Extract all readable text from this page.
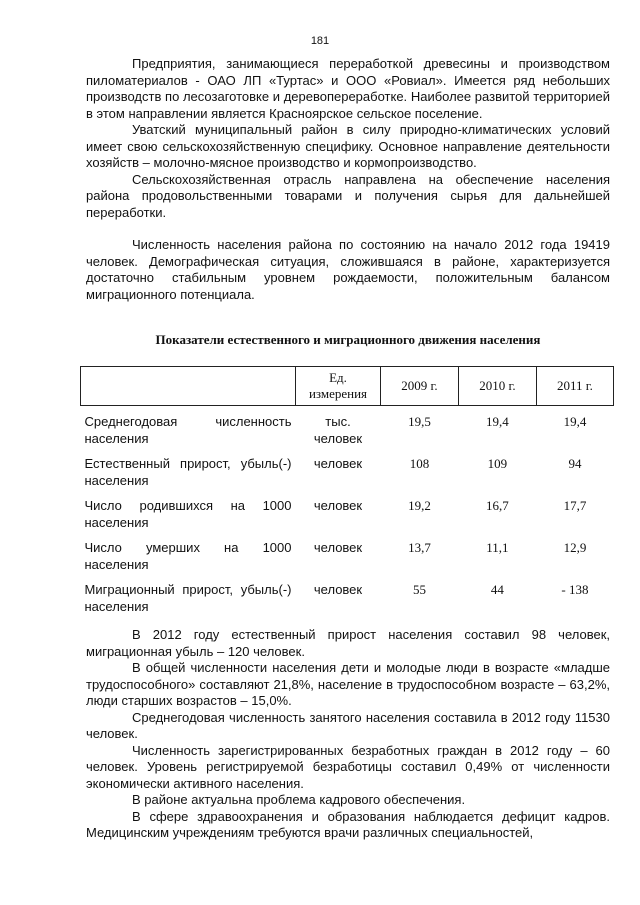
181

Предприятия, занимающиеся переработкой древесины и производством пиломатериалов - ОАО ЛП «Туртас» и ООО «Ровиал». Имеется ряд небольших производств по лесозаготовке и деревопереработке. Наиболее развитой территорией в этом направлении является Красноярское сельское поселение.

Уватский муниципальный район в силу природно-климатических условий имеет свою сельскохозяйственную специфику. Основное направление деятельности хозяйств – молочно-мясное производство и кормопроизводство.

Сельскохозяйственная отрасль направлена на обеспечение населения района продовольственными товарами и получения сырья для дальнейшей переработки.

Численность населения района по состоянию на начало 2012 года 19419 человек. Демографическая ситуация, сложившаяся в районе, характеризуется достаточно стабильным уровнем рождаемости, положительным балансом миграционного потенциала.

Показатели естественного и миграционного движения населения
	Ед. измерения	2009 г.	2010 г.	2011 г.

Среднегодовая численность населения	тыс. человек	19,5	19,4	19,4
Естественный прирост, убыль(-) населения	человек	108	109	94
Число родившихся на 1000 населения	человек	19,2	16,7	17,7
Число умерших на 1000 населения	человек	13,7	11,1	12,9
Миграционный прирост, убыль(-) населения	человек	55	44	- 138

В 2012 году естественный прирост населения составил 98 человек, миграционная убыль – 120 человек.

В общей численности населения дети и молодые люди в возрасте «младше трудоспособного» составляют 21,8%, население в трудоспособном возрасте – 63,2%, люди старших возрастов – 15,0%.

Среднегодовая численность занятого населения составила в 2012 году 11530 человек.

Численность зарегистрированных безработных граждан в 2012 году – 60 человек. Уровень регистрируемой безработицы составил 0,49% от численности экономически активного населения.

В районе актуальна проблема кадрового обеспечения.

В сфере здравоохранения и образования наблюдается дефицит кадров. Медицинским учреждениям требуются врачи различных специальностей,
